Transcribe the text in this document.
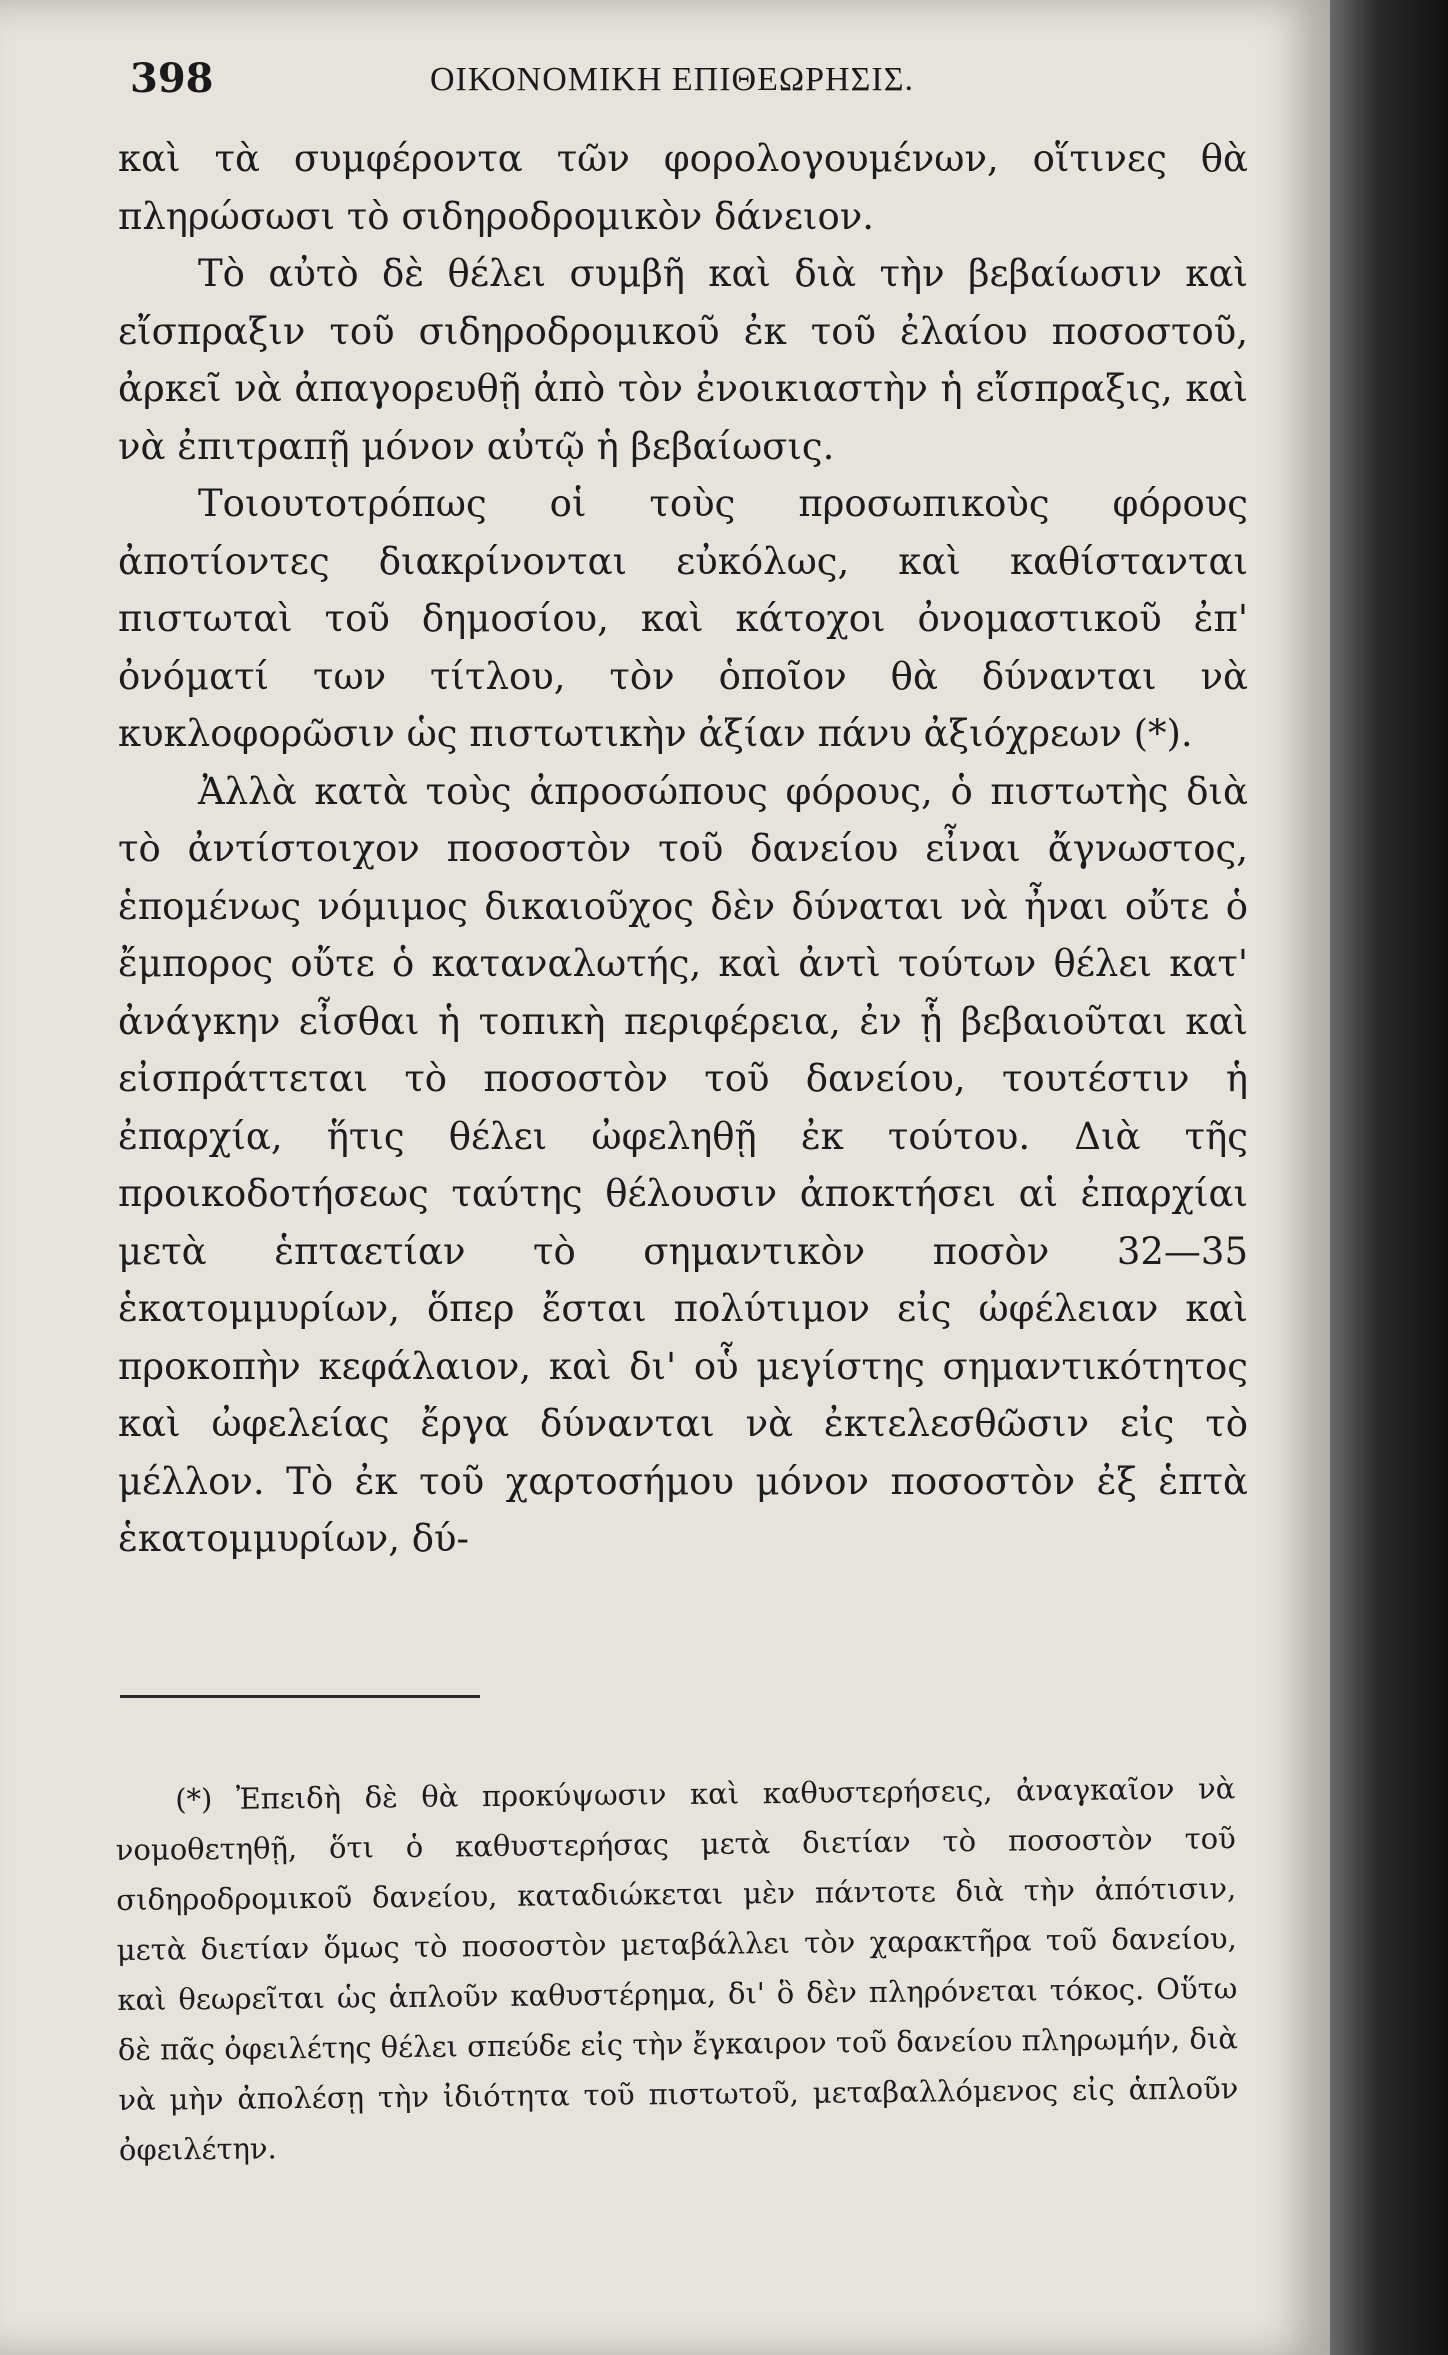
398	ΟΙΚΟΝΟΜΙΚΗ ΕΠΙΘΕΩΡΗΣΙΣ.

καὶ τὰ συμφέροντα τῶν φορολογουμένων, οἵτινες θὰ πληρώσωσι τὸ σιδηροδρομικὸν δάνειον.

Τὸ αὐτὸ δὲ θέλει συμβῆ καὶ διὰ τὴν βεβαίωσιν καὶ εἴσπραξιν τοῦ σιδηροδρομικοῦ ἐκ τοῦ ἐλαίου ποσοστοῦ, ἀρκεῖ νὰ ἀπαγορευθῇ ἀπὸ τὸν ἐνοικιαστὴν ἡ εἴσπραξις, καὶ νὰ ἐπιτραπῇ μόνον αὐτῷ ἡ βεβαίωσις.

Τοιουτοτρόπως οἱ τοὺς προσωπικοὺς φόρους ἀποτίοντες διακρίνονται εὐκόλως, καὶ καθίστανται πιστωταὶ τοῦ δημοσίου, καὶ κάτοχοι ὀνομαστικοῦ ἐπ' ὀνόματί των τίτλου, τὸν ὁποῖον θὰ δύνανται νὰ κυκλοφορῶσιν ὡς πιστωτικὴν ἀξίαν πάνυ ἀξιόχρεων (*).

Ἀλλὰ κατὰ τοὺς ἀπροσώπους φόρους, ὁ πιστωτὴς διὰ τὸ ἀντίστοιχον ποσοστὸν τοῦ δανείου εἶναι ἄγνωστος, ἑπομένως νόμιμος δικαιοῦχος δὲν δύναται νὰ ἦναι οὔτε ὁ ἔμπορος οὔτε ὁ καταναλωτής, καὶ ἀντὶ τούτων θέλει κατ' ἀνάγκην εἶσθαι ἡ τοπικὴ περιφέρεια, ἐν ᾗ βεβαιοῦται καὶ εἰσπράττεται τὸ ποσοστὸν τοῦ δανείου, τουτέστιν ἡ ἐπαρχία, ἥτις θέλει ὠφεληθῇ ἐκ τούτου. Διὰ τῆς προικοδοτήσεως ταύτης θέλουσιν ἀποκτήσει αἱ ἐπαρχίαι μετὰ ἑπταετίαν τὸ σημαντικὸν ποσὸν 32—35 ἑκατομμυρίων, ὅπερ ἔσται πολύτιμον εἰς ὠφέλειαν καὶ προκοπὴν κεφάλαιον, καὶ δι' οὗ μεγίστης σημαντικότητος καὶ ὠφελείας ἔργα δύνανται νὰ ἐκτελεσθῶσιν εἰς τὸ μέλλον. Τὸ ἐκ τοῦ χαρτοσήμου μόνον ποσοστὸν ἐξ ἑπτὰ ἑκατομμυρίων, δύ-

(*) Ἐπειδὴ δὲ θὰ προκύψωσιν καὶ καθυστερήσεις, ἀναγκαῖον νὰ νομοθετηθῇ, ὅτι ὁ καθυστερήσας μετὰ διετίαν τὸ ποσοστὸν τοῦ σιδηροδρομικοῦ δανείου, καταδιώκεται μὲν πάντοτε διὰ τὴν ἀπότισιν, μετὰ διετίαν ὅμως τὸ ποσοστὸν μεταβάλλει τὸν χαρακτῆρα τοῦ δανείου, καὶ θεωρεῖται ὡς ἁπλοῦν καθυστέρημα, δι' ὃ δὲν πληρόνεται τόκος. Οὕτω δὲ πᾶς ὀφειλέτης θέλει σπεύδε εἰς τὴν ἔγκαιρον τοῦ δανείου πληρωμήν, διὰ νὰ μὴν ἀπολέσῃ τὴν ἰδιότητα τοῦ πιστωτοῦ, μεταβαλλόμενος εἰς ἁπλοῦν ὀφειλέτην.
